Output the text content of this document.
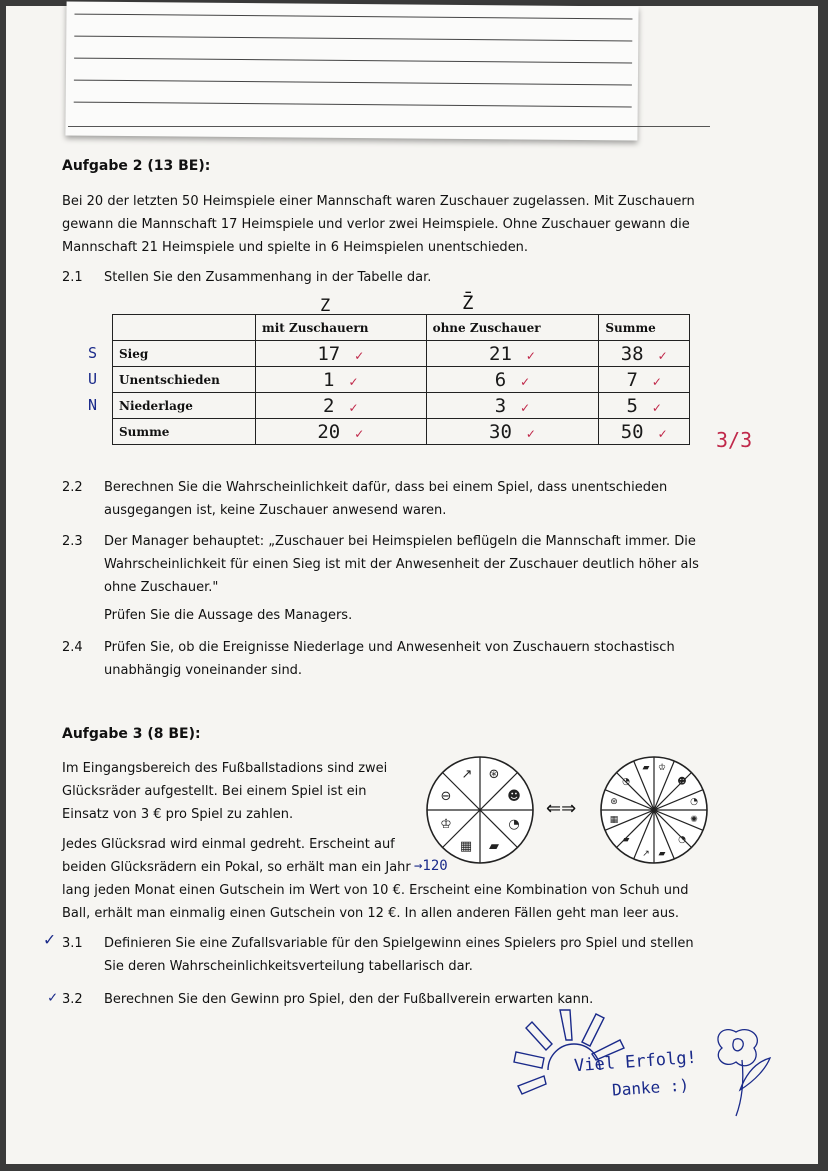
Aufgabe 2 (13 BE):
Bei 20 der letzten 50 Heimspiele einer Mannschaft waren Zuschauer zugelassen. Mit Zuschauern gewann die Mannschaft 17 Heimspiele und verlor zwei Heimspiele. Ohne Zuschauer gewann die Mannschaft 21 Heimspiele und spielte in 6 Heimspielen unentschieden.
2.1	Stellen Sie den Zusammenhang in der Tabelle dar.
Z	Z̄
S
U
N
	mit Zuschauern	ohne Zuschauer	Summe
Sieg	17 ✓	21 ✓	38 ✓
Unentschieden	1 ✓	6 ✓	7 ✓
Niederlage	2 ✓	3 ✓	5 ✓
Summe	20 ✓	30 ✓	50 ✓ 3/3
2.2	Berechnen Sie die Wahrscheinlichkeit dafür, dass bei einem Spiel, dass unentschieden ausgegangen ist, keine Zuschauer anwesend waren.
2.3	Der Manager behauptet: „Zuschauer bei Heimspielen beflügeln die Mannschaft immer. Die Wahrscheinlichkeit für einen Sieg ist mit der Anwesenheit der Zuschauer deutlich höher als ohne Zuschauer."
Prüfen Sie die Aussage des Managers.
2.4	Prüfen Sie, ob die Ereignisse Niederlage und Anwesenheit von Zuschauern stochastisch unabhängig voneinander sind.
Aufgabe 3 (8 BE):
Im Eingangsbereich des Fußballstadions sind zwei Glücksräder aufgestellt. Bei einem Spiel ist ein Einsatz von 3 € pro Spiel zu zahlen.
Jedes Glücksrad wird einmal gedreht. Erscheint auf beiden Glücksrädern ein Pokal, so erhält man ein Jahr →120
lang jeden Monat einen Gutschein im Wert von 10 €. Erscheint eine Kombination von Schuh und Ball, erhält man einmalig einen Gutschein von 12 €. In allen anderen Fällen geht man leer aus.
↗ ⊛
☻
◔
▰
▦
♔
⊖
⇐⇒
▰ ♔
☻
◔
✺
◔
▰
↗
▰
▦
⊛
◔
✓ 3.1	Definieren Sie eine Zufallsvariable für den Spielgewinn eines Spielers pro Spiel und stellen Sie deren Wahrscheinlichkeitsverteilung tabellarisch dar.
✓ 3.2	Berechnen Sie den Gewinn pro Spiel, den der Fußballverein erwarten kann.
Viel Erfolg!
Danke :)
